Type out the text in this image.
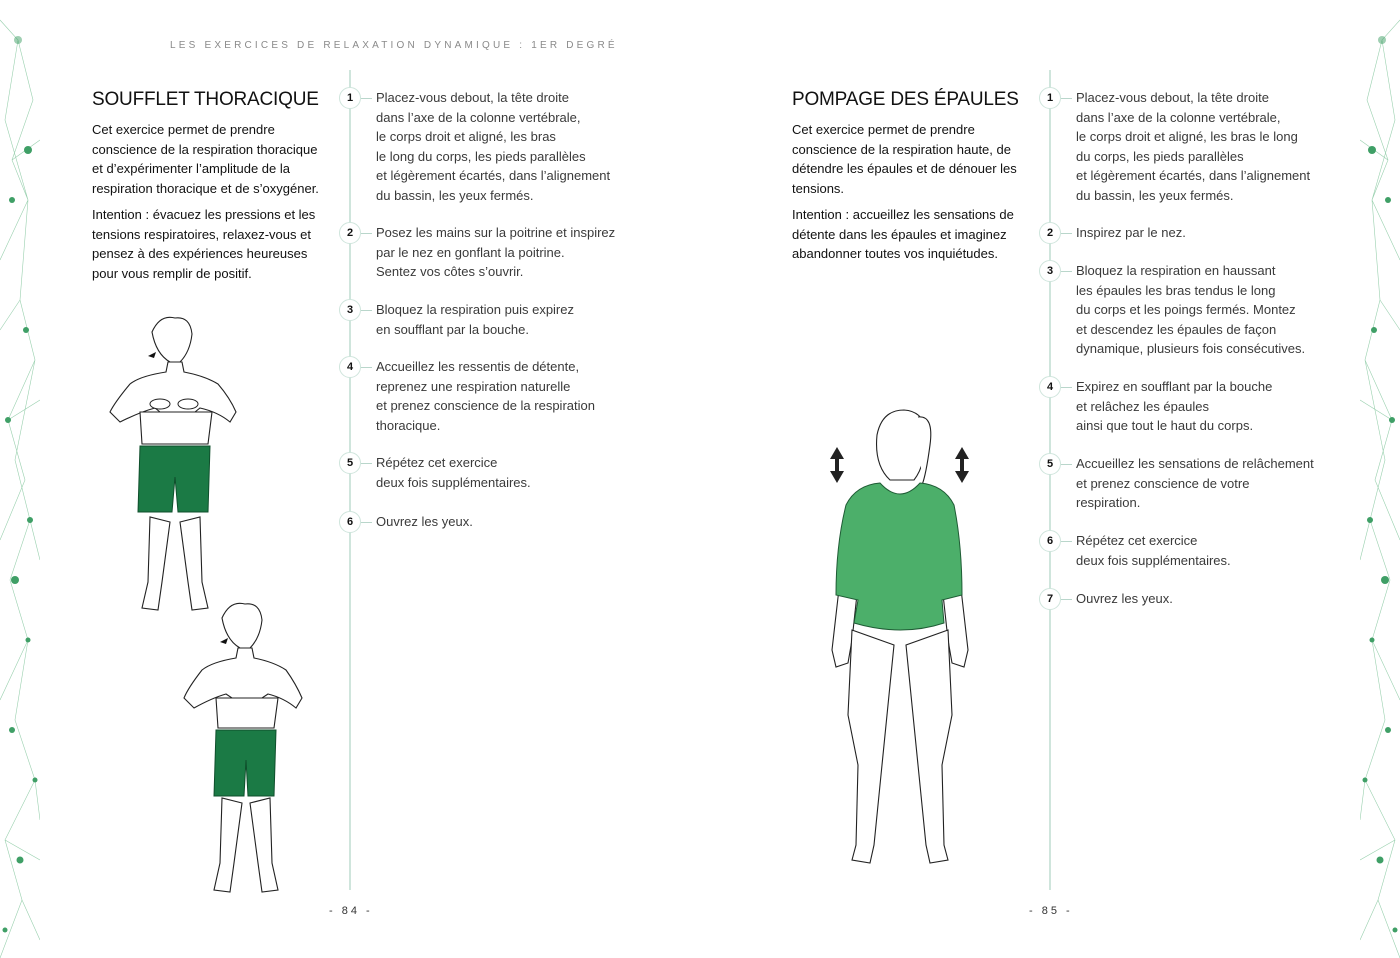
LES EXERCICES DE RELAXATION DYNAMIQUE : 1ER DEGRÉ
SOUFFLET THORACIQUE

Cet exercice permet de prendre conscience de la respiration thoracique et d’expérimenter l’amplitude de la respiration thoracique et de s’oxygéner.

Intention : évacuez les pressions et les tensions respiratoires, relaxez-vous et pensez à des expériences heureuses pour vous remplir de positif.

1	Placez-vous debout, la tête droite
dans l’axe de la colonne vertébrale,
le corps droit et aligné, les bras
le long du corps, les pieds parallèles
et légèrement écartés, dans l’alignement
du bassin, les yeux fermés.
2	Posez les mains sur la poitrine et inspirez
par le nez en gonflant la poitrine.
Sentez vos côtes s’ouvrir.
3	Bloquez la respiration puis expirez
en soufflant par la bouche.
4	Accueillez les ressentis de détente,
reprenez une respiration naturelle
et prenez conscience de la respiration
thoracique.
5	Répétez cet exercice
deux fois supplémentaires.
6	Ouvrez les yeux.
POMPAGE DES ÉPAULES

Cet exercice permet de prendre conscience de la respiration haute, de détendre les épaules et de dénouer les tensions.

Intention : accueillez les sensations de détente dans les épaules et imaginez abandonner toutes vos inquiétudes.

1	Placez-vous debout, la tête droite
dans l’axe de la colonne vertébrale,
le corps droit et aligné, les bras le long
du corps, les pieds parallèles
et légèrement écartés, dans l’alignement
du bassin, les yeux fermés.
2	Inspirez par le nez.
3	Bloquez la respiration en haussant
les épaules les bras tendus le long
du corps et les poings fermés. Montez
et descendez les épaules de façon
dynamique, plusieurs fois consécutives.
4	Expirez en soufflant par la bouche
et relâchez les épaules
ainsi que tout le haut du corps.
5	Accueillez les sensations de relâchement
et prenez conscience de votre
respiration.
6	Répétez cet exercice
deux fois supplémentaires.
7	Ouvrez les yeux.
- 84 -	- 85 -
